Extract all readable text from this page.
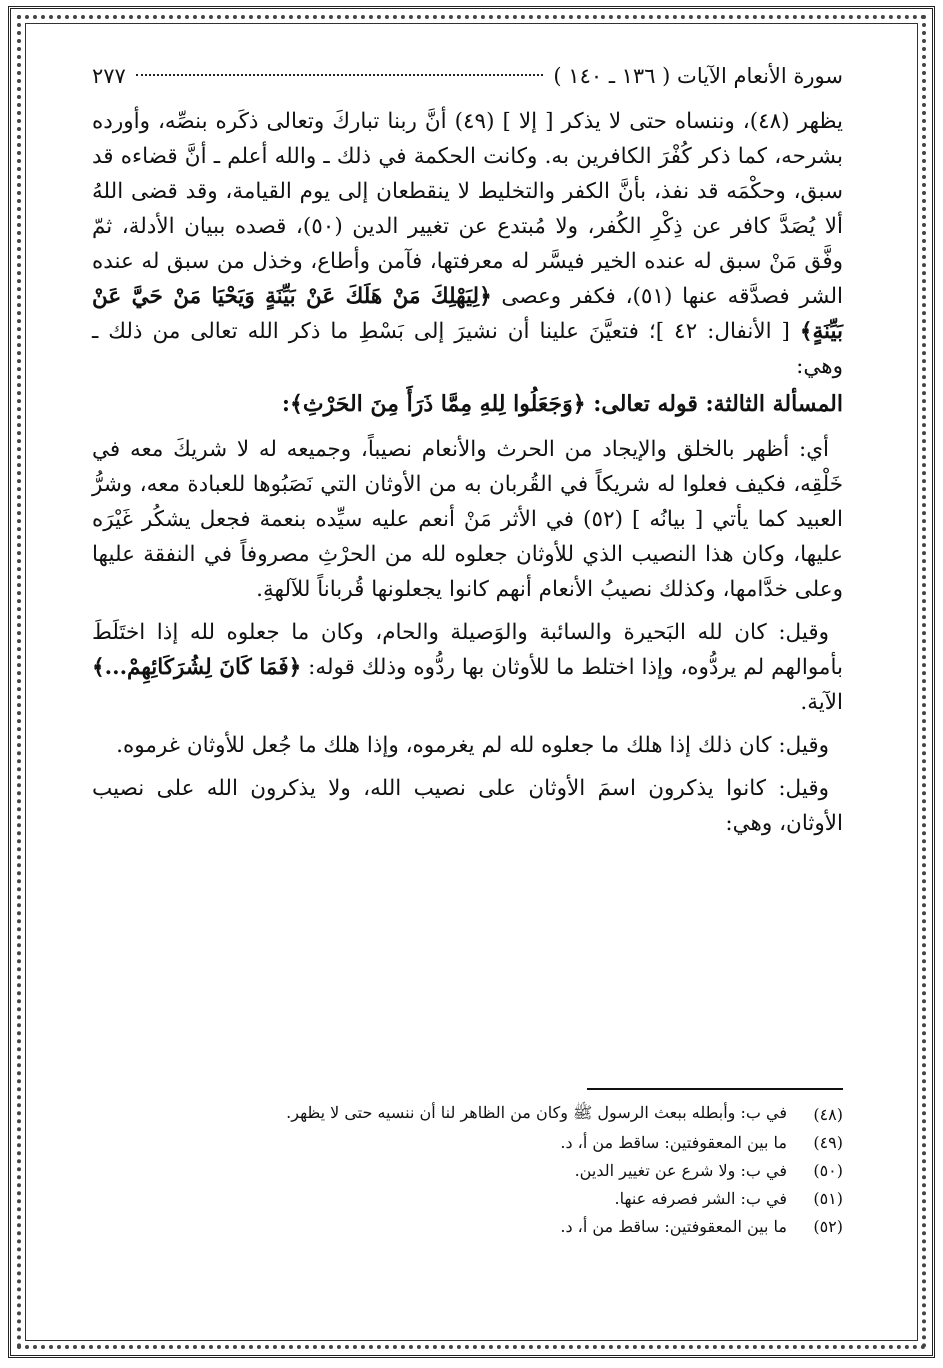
سورة الأنعام الآيات ( ١٣٦ ـ ١٤٠ )
٢٧٧

يظهر (٤٨)، وننساه حتى لا يذكر [ إلا ] (٤٩) أنَّ ربنا تباركَ وتعالى ذكَره بنصِّه، وأورده بشرحه، كما ذكر كُفْرَ الكافرين به. وكانت الحكمة في ذلك ـ والله أعلم ـ أنَّ قضاءه قد سبق، وحكْمَه قد نفذ، بأنَّ الكفر والتخليط لا ينقطعان إلى يوم القيامة، وقد قضى اللهُ ألا يُصَدَّ كافر عن ذِكْرِ الكُفر، ولا مُبتدع عن تغيير الدين (٥٠)، قصده ببيان الأدلة، ثمّ وفَّق مَنْ سبق له عنده الخير فيسَّر له معرفتها، فآمن وأطاع، وخذل من سبق له عنده الشر فصدَّقه عنها (٥١)، فكفر وعصى ﴿لِيَهْلِكَ مَنْ هَلَكَ عَنْ بَيِّنَةٍ وَيَحْيَا مَنْ حَيَّ عَنْ بَيِّنَةٍ﴾ [ الأنفال: ٤٢ ]؛ فتعيَّنَ علينا أن نشيرَ إلى بَسْطِ ما ذكر الله تعالى من ذلك ـ وهي:

المسألة الثالثة: قوله تعالى: ﴿وَجَعَلُوا لِلهِ مِمَّا ذَرَأَ مِنَ الحَرْثِ﴾:

أي: أظهر بالخلق والإيجاد من الحرث والأنعام نصيباً، وجميعه له لا شريكَ معه في خَلْقِه، فكيف فعلوا له شريكاً في القُربان به من الأوثان التي نَصَبُوها للعبادة معه، وشرُّ العبيد كما يأتي [ بيانُه ] (٥٢) في الأثر مَنْ أنعم عليه سيِّده بنعمة فجعل يشكُر غَيْرَه عليها، وكان هذا النصيب الذي للأوثان جعلوه لله من الحرْثِ مصروفاً في النفقة عليها وعلى خدَّامها، وكذلك نصيبُ الأنعام أنهم كانوا يجعلونها قُرباناً للآلهةِ.

وقيل: كان لله البَحيرة والسائبة والوَصيلة والحام، وكان ما جعلوه لله إذا اختَلَطَ بأموالهم لم يردُّوه، وإذا اختلط ما للأوثان بها ردُّوه وذلك قوله: ﴿فَمَا كَانَ لِشُرَكَائِهِمْ...﴾ الآية.

وقيل: كان ذلك إذا هلك ما جعلوه لله لم يغرموه، وإذا هلك ما جُعل للأوثان غرموه.

وقيل: كانوا يذكرون اسمَ الأوثان على نصيب الله، ولا يذكرون الله على نصيب الأوثان، وهي:

(٤٨)
في ب: وأبطله ببعث الرسول ﷺ وكان من الظاهر لنا أن ننسيه حتى لا يظهر.
(٤٩)
ما بين المعقوفتين: ساقط من أ، د.
(٥٠)
في ب: ولا شرع عن تغيير الدين.
(٥١)
في ب: الشر فصرفه عنها.
(٥٢)
ما بين المعقوفتين: ساقط من أ، د.
